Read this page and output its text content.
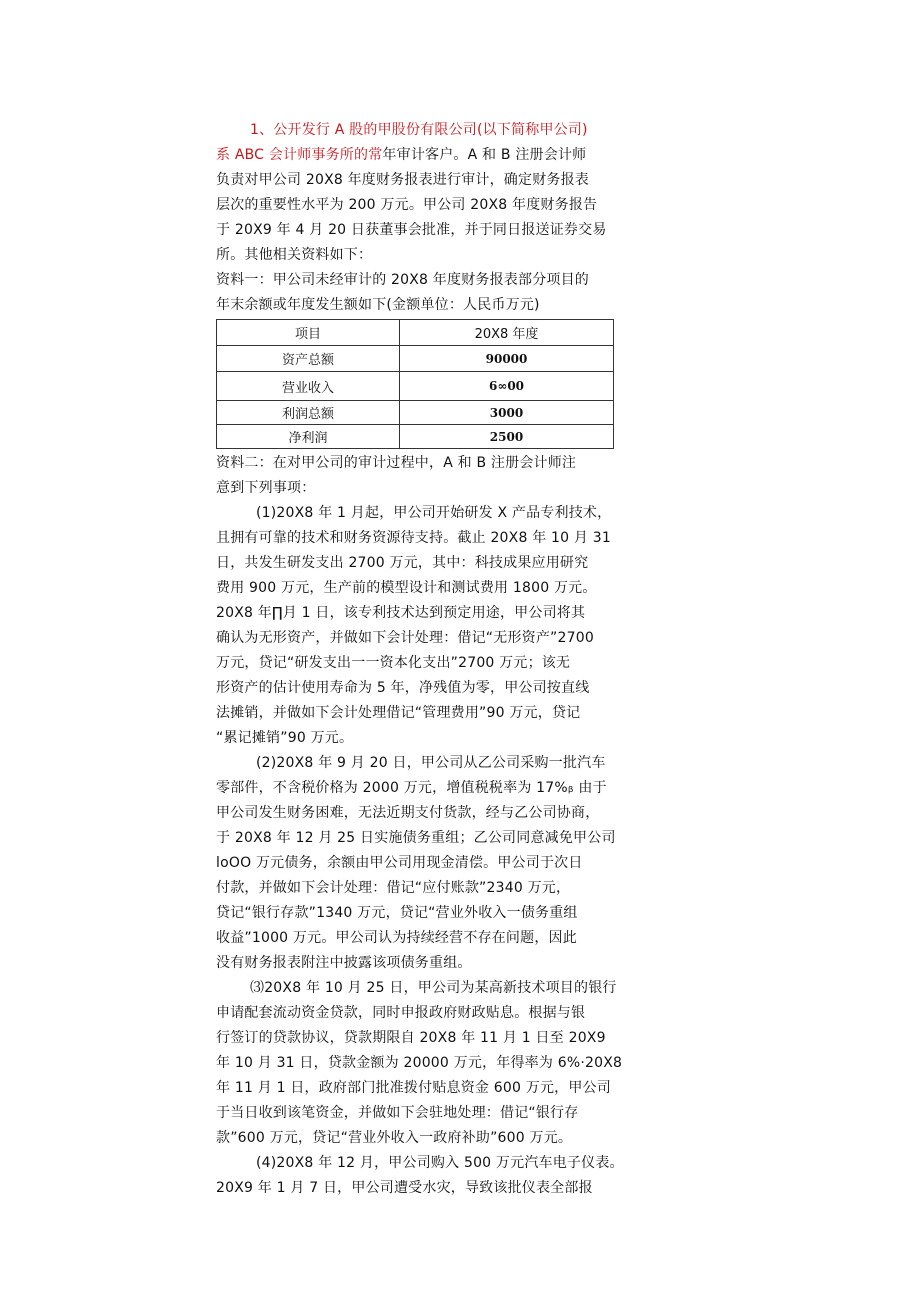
1、公开发行 A 股的甲股份有限公司(以下简称甲公司)
系 ABC 会计师事务所的常年审计客户。A 和 B 注册会计师
负责对甲公司 20X8 年度财务报表进行审计，确定财务报表
层次的重要性水平为 200 万元。甲公司 20X8 年度财务报告
于 20X9 年 4 月 20 日获董事会批准，并于同日报送证券交易
所。其他相关资料如下：
资料一：甲公司未经审计的 20X8 年度财务报表部分项目的
年末余额或年度发生额如下(金额单位：人民币万元)
项目	20X8 年度
资产总额	90000
营业收入	6∞00
利润总额	3000
净利润	2500
资料二：在对甲公司的审计过程中，A 和 B 注册会计师注
意到下列事项：
(1)20X8 年 1 月起，甲公司开始研发 X 产品专利技术，
且拥有可靠的技术和财务资源待支持。截止 20X8 年 10 月 31
日，共发生研发支出 2700 万元，其中：科技成果应用研究
费用 900 万元，生产前的模型设计和测试费用 1800 万元。
20X8 年∏月 1 日，该专利技术达到预定用途，甲公司将其
确认为无形资产，并做如下会计处理：借记“无形资产”2700
万元，贷记“研发支出一一资本化支出”2700 万元；该无
形资产的估计使用寿命为 5 年，净残值为零，甲公司按直线
法摊销，并做如下会计处理借记“管理费用”90 万元，贷记
“累记摊销”90 万元。
(2)20X8 年 9 月 20 日，甲公司从乙公司采购一批汽车
零部件，不含税价格为 2000 万元，增值税税率为 17%ᵦ 由于
甲公司发生财务困难，无法近期支付货款，经与乙公司协商，
于 20X8 年 12 月 25 日实施债务重组；乙公司同意减免甲公司
loOO 万元债务，余额由甲公司用现金清偿。甲公司于次日
付款，并做如下会计处理：借记“应付账款”2340 万元，
贷记“银行存款”1340 万元，贷记“营业外收入一债务重组
收益”1000 万元。甲公司认为持续经营不存在问题，因此
没有财务报表附注中披露该项债务重组。
⑶20X8 年 10 月 25 日，甲公司为某高新技术项目的银行
申请配套流动资金贷款，同时申报政府财政贴息。根据与银
行签订的贷款协议，贷款期限自 20X8 年 11 月 1 日至 20X9
年 10 月 31 日，贷款金额为 20000 万元，年得率为 6%·20X8
年 11 月 1 日，政府部门批准拨付贴息资金 600 万元，甲公司
于当日收到该笔资金，并做如下会驻地处理：借记“银行存
款”600 万元，贷记“营业外收入一政府补助”600 万元。
(4)20X8 年 12 月，甲公司购入 500 万元汽车电子仪表。
20X9 年 1 月 7 日，甲公司遭受水灾，导致该批仪表全部报
